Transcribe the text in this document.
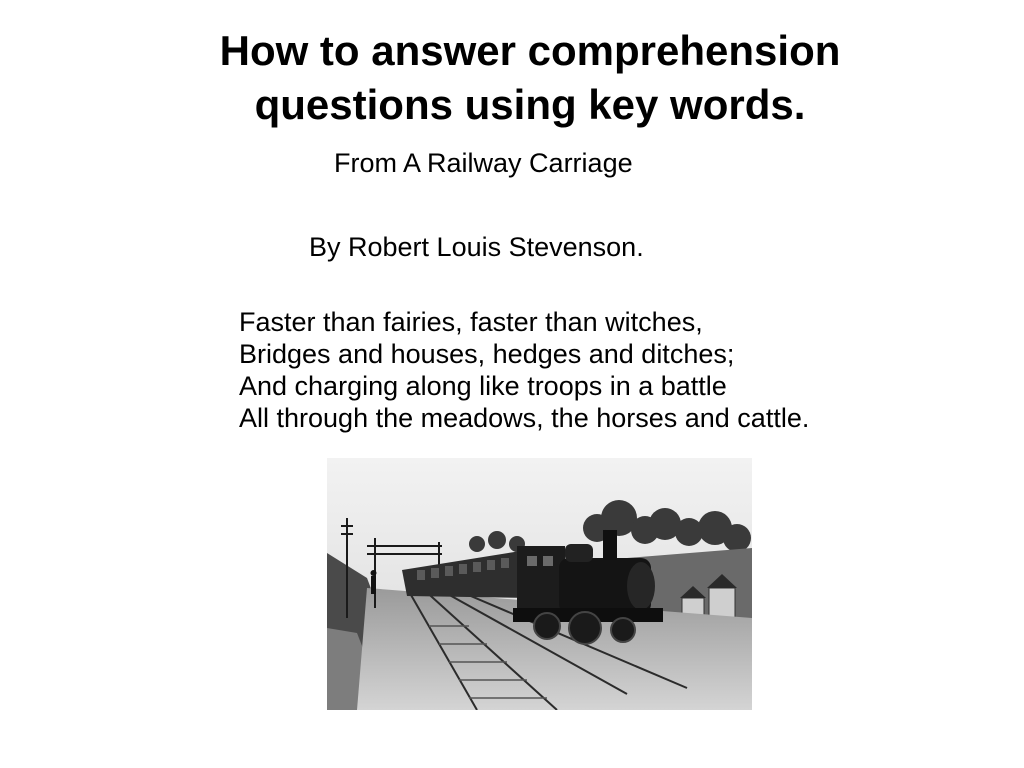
How to answer comprehension
questions using key words.

From A Railway Carriage

By Robert Louis Stevenson.

Faster than fairies, faster than witches,
Bridges and houses, hedges and ditches;
And charging along like troops in a battle
All through the meadows, the horses and cattle.
